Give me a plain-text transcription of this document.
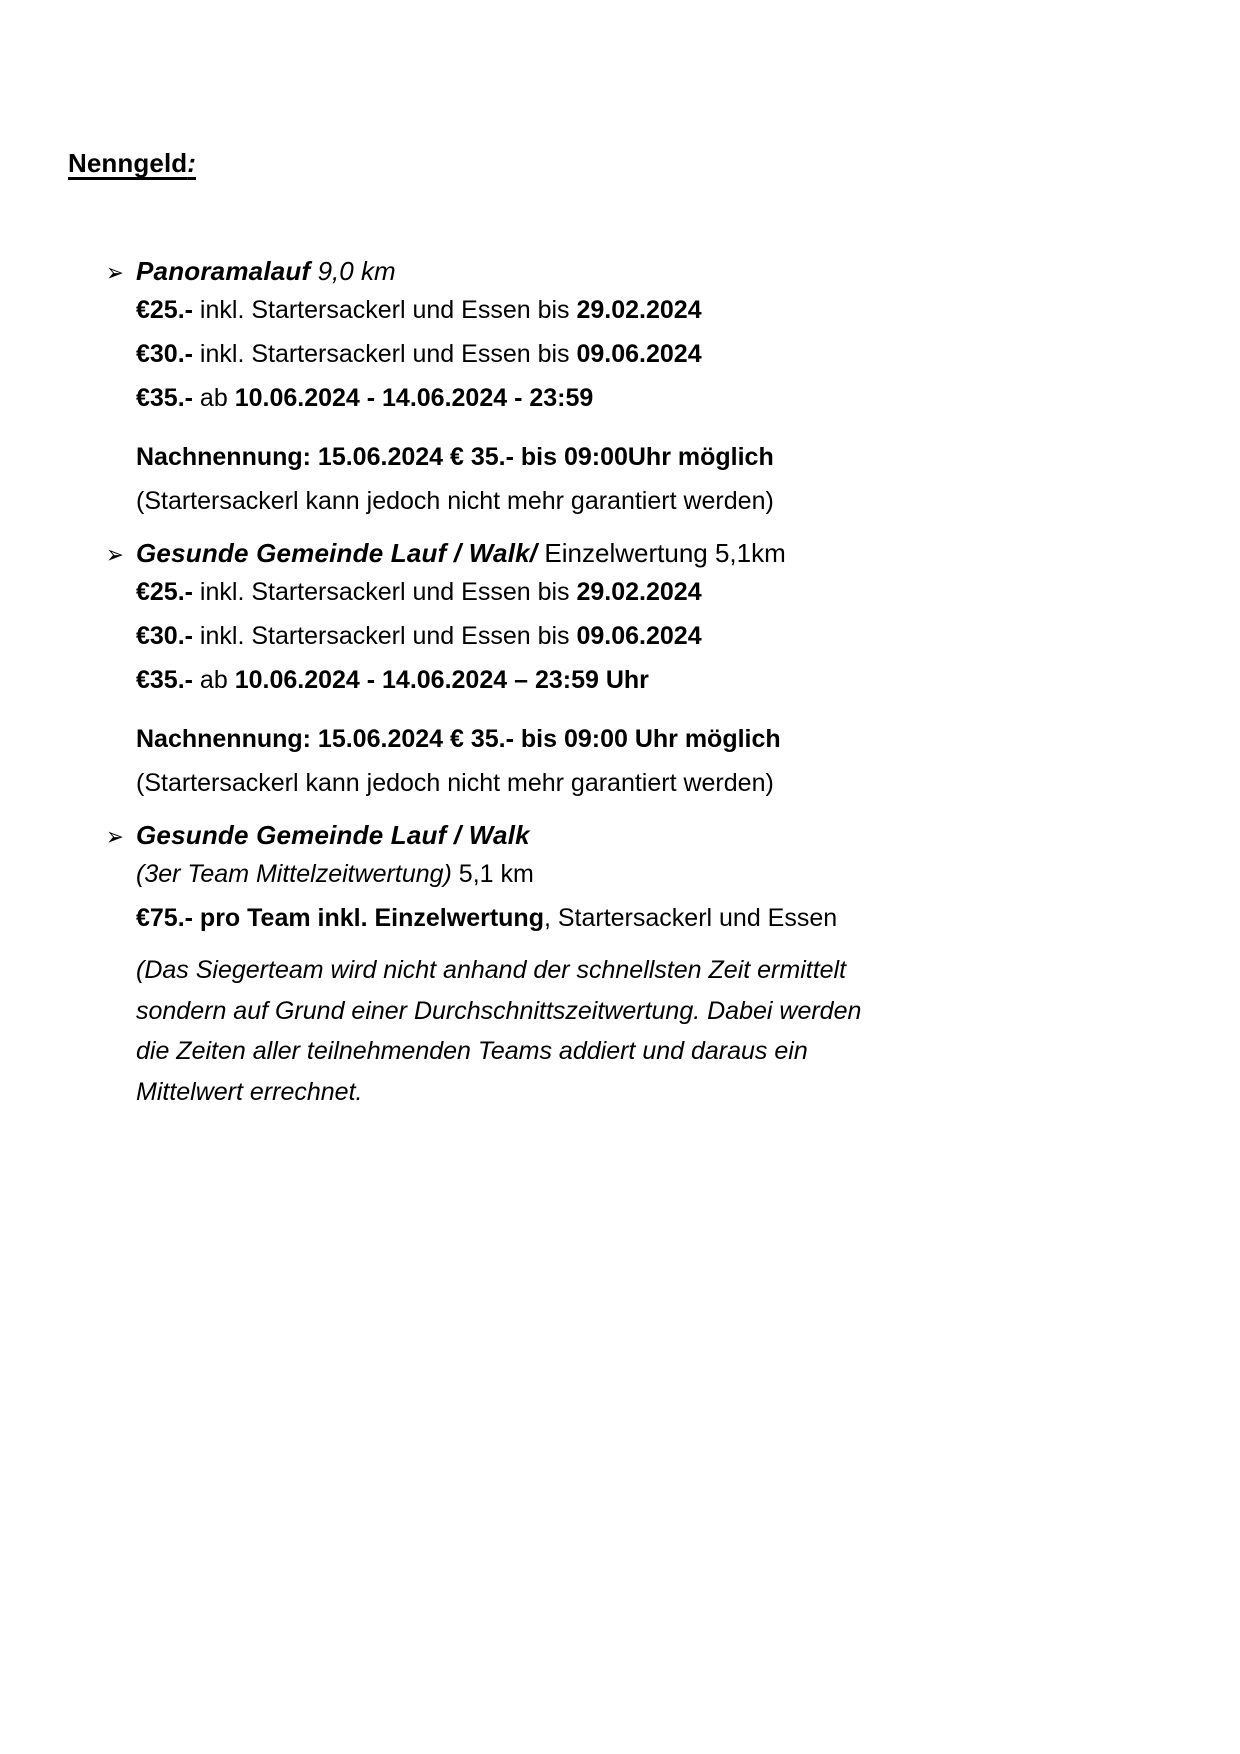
Nenngeld:
➢ Panoramalauf 9,0 km
€25.- inkl. Startersackerl und Essen bis 29.02.2024
€30.- inkl. Startersackerl und Essen bis 09.06.2024
€35.- ab 10.06.2024 - 14.06.2024 - 23:59
Nachnennung: 15.06.2024 € 35.- bis 09:00Uhr möglich
(Startersackerl kann jedoch nicht mehr garantiert werden)
➢ Gesunde Gemeinde Lauf / Walk/ Einzelwertung 5,1km
€25.- inkl. Startersackerl und Essen bis 29.02.2024
€30.- inkl. Startersackerl und Essen bis 09.06.2024
€35.- ab 10.06.2024 - 14.06.2024 – 23:59 Uhr
Nachnennung: 15.06.2024 € 35.- bis 09:00 Uhr möglich
(Startersackerl kann jedoch nicht mehr garantiert werden)
➢ Gesunde Gemeinde Lauf / Walk
(3er Team Mittelzeitwertung) 5,1 km
€75.- pro Team inkl. Einzelwertung, Startersackerl und Essen
(Das Siegerteam wird nicht anhand der schnellsten Zeit ermittelt
sondern auf Grund einer Durchschnittszeitwertung. Dabei werden
die Zeiten aller teilnehmenden Teams addiert und daraus ein
Mittelwert errechnet.
